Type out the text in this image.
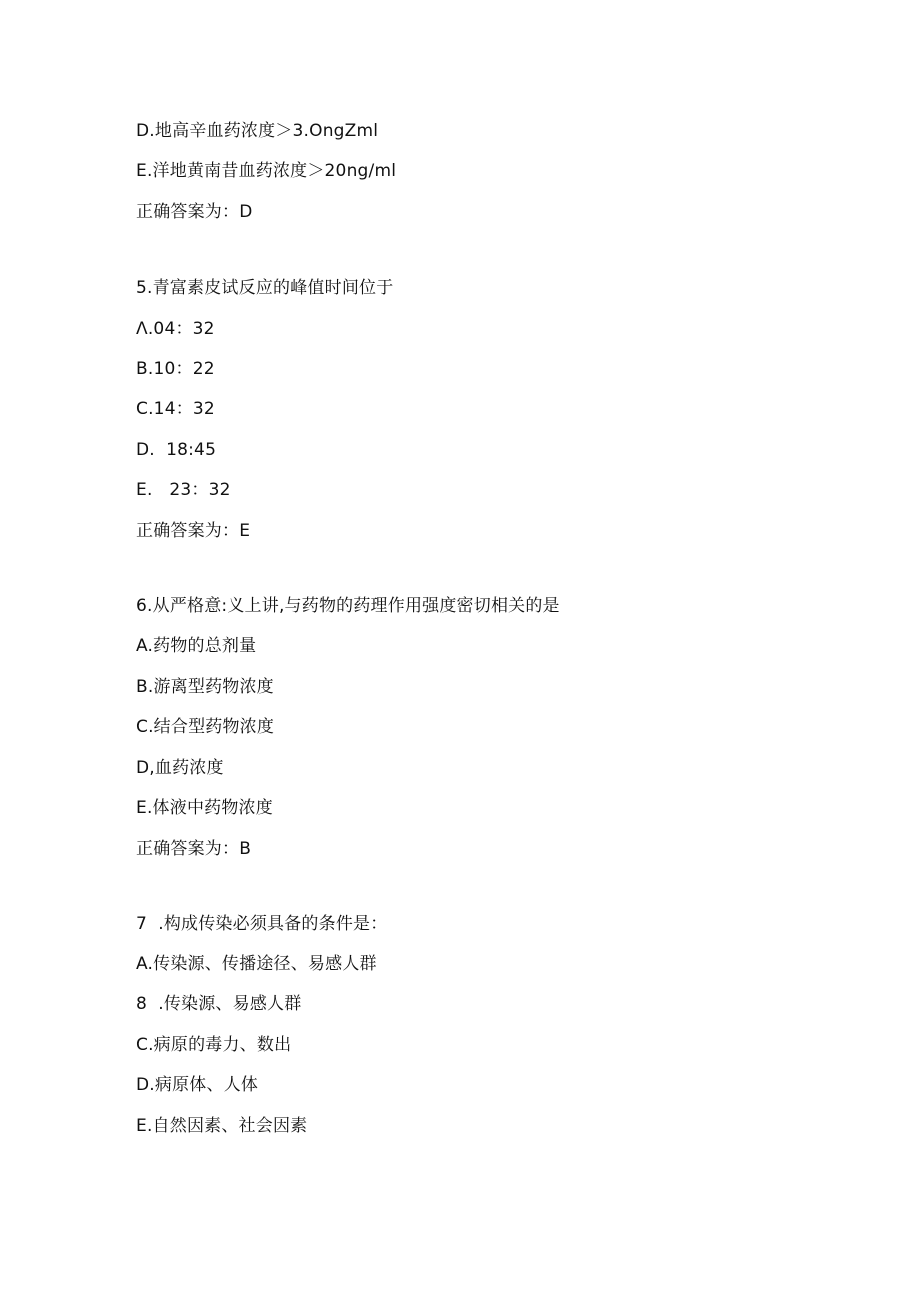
D.地高辛血药浓度＞3.OngZml
E.洋地黄南昔血药浓度＞20ng/ml
正确答案为：D
5.青富素皮试反应的峰值时间位于
Λ.04：32
B.10：22
C.14：32
D.  18:45
E.   23：32
正确答案为：E
6.从严格意:义上讲,与药物的药理作用强度密切相关的是
A.药物的总剂量
B.游离型药物浓度
C.结合型药物浓度
D,血药浓度
E.体液中药物浓度
正确答案为：B
7  .构成传染必须具备的条件是：
A.传染源、传播途径、易感人群
8  .传染源、易感人群
C.病原的毒力、数出
D.病原体、人体
E.自然因素、社会因素
